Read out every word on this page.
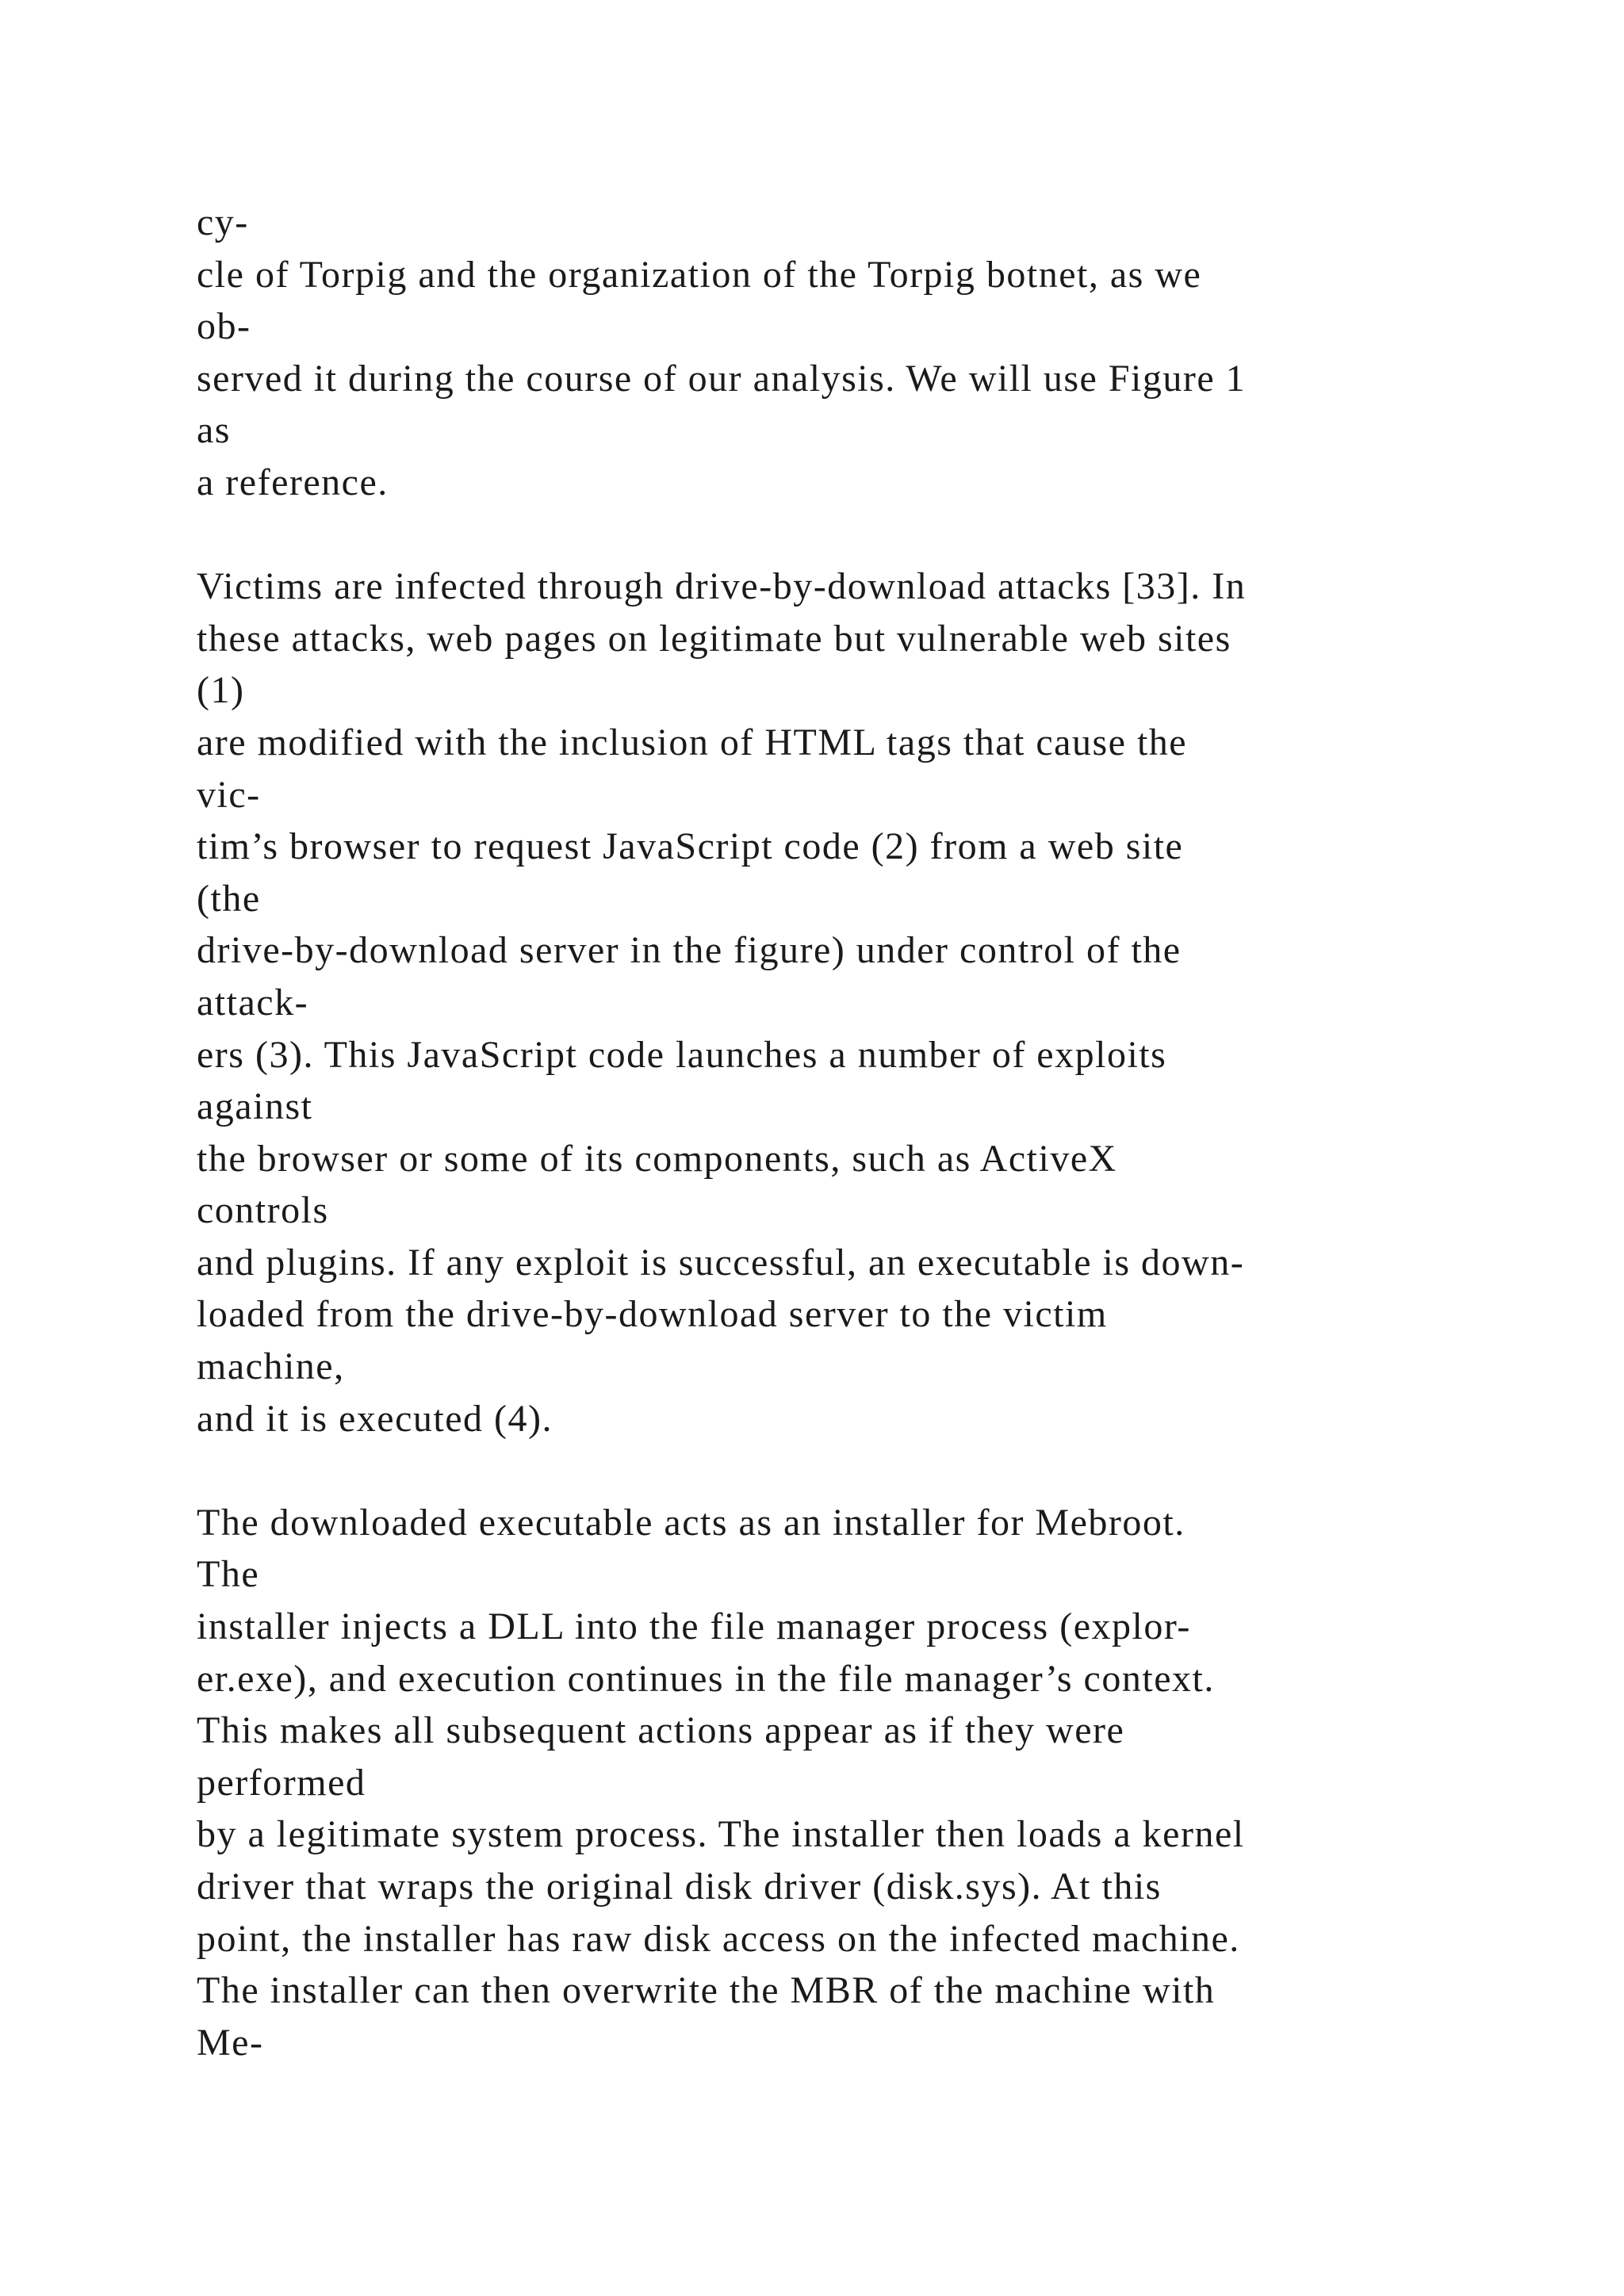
cy-
cle of Torpig and the organization of the Torpig botnet, as we
ob-
served it during the course of our analysis. We will use Figure 1
as
a reference.

Victims are infected through drive-by-download attacks [33]. In
these attacks, web pages on legitimate but vulnerable web sites
(1)
are modified with the inclusion of HTML tags that cause the
vic-
tim’s browser to request JavaScript code (2) from a web site
(the
drive-by-download server in the figure) under control of the
attack-
ers (3). This JavaScript code launches a number of exploits
against
the browser or some of its components, such as ActiveX
controls
and plugins. If any exploit is successful, an executable is down-
loaded from the drive-by-download server to the victim
machine,
and it is executed (4).

The downloaded executable acts as an installer for Mebroot.
The
installer injects a DLL into the file manager process (explor-
er.exe), and execution continues in the file manager’s context.
This makes all subsequent actions appear as if they were
performed
by a legitimate system process. The installer then loads a kernel
driver that wraps the original disk driver (disk.sys). At this
point, the installer has raw disk access on the infected machine.
The installer can then overwrite the MBR of the machine with
Me-
